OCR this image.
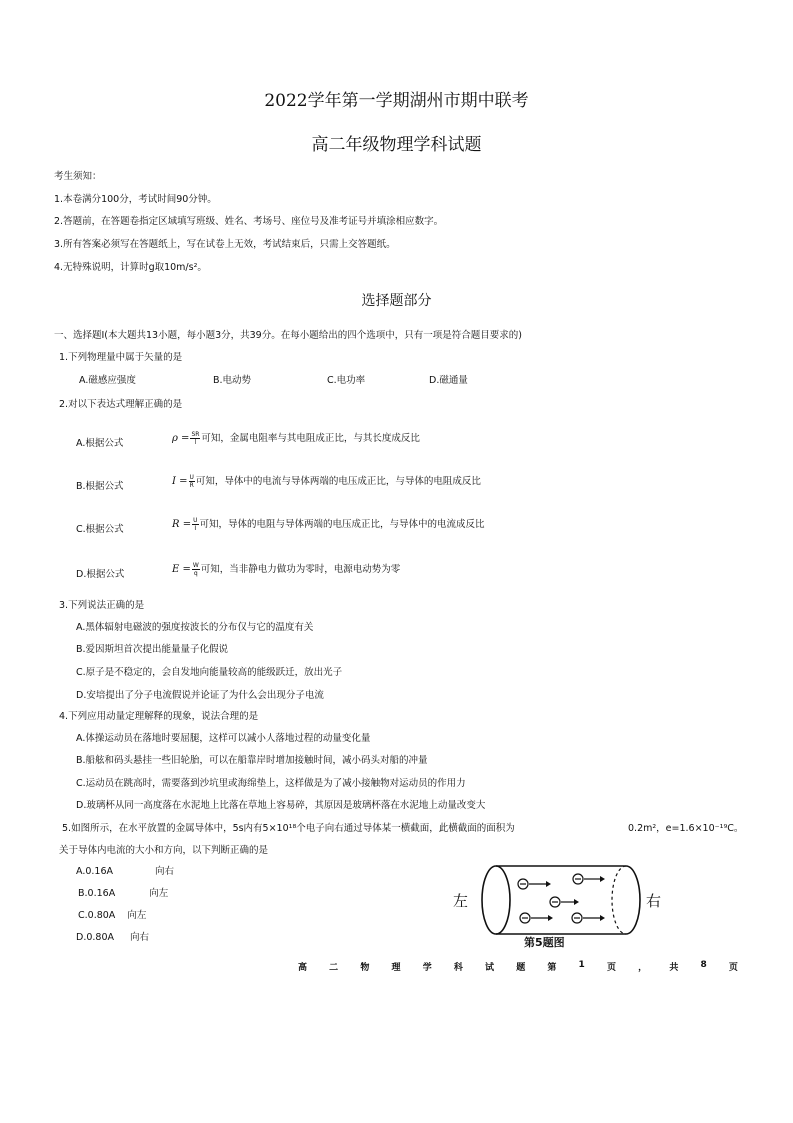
2022学年第一学期湖州市期中联考
高二年级物理学科试题
考生须知：
1.本卷满分100分，考试时间90分钟。
2.答题前，在答题卷指定区域填写班级、姓名、考场号、座位号及准考证号并填涂相应数字。
3.所有答案必须写在答题纸上，写在试卷上无效，考试结束后，只需上交答题纸。
4.无特殊说明，计算时g取10m/s²。
选择题部分
一、选择题Ⅰ(本大题共13小题，每小题3分，共39分。在每小题给出的四个选项中，只有一项是符合题目要求的)
1.下列物理量中属于矢量的是
A.磁感应强度	B.电动势	C.电功率	D.磁通量
2.对以下表达式理解正确的是
A.根据公式	$\rho = \frac{SR}{l}$ 可知，金属电阻率与其电阻成正比，与其长度成反比
B.根据公式	$I = \frac{U}{R}$ 可知，导体中的电流与导体两端的电压成正比，与导体的电阻成反比
C.根据公式	$R = \frac{U}{I}$ 可知，导体的电阻与导体两端的电压成正比，与导体中的电流成反比
D.根据公式	$E = \frac{W}{q}$ 可知，当非静电力做功为零时，电源电动势为零
3.下列说法正确的是
A.黑体辐射电磁波的强度按波长的分布仅与它的温度有关
B.爱因斯坦首次提出能量量子化假说
C.原子是不稳定的，会自发地向能量较高的能级跃迁，放出光子
D.安培提出了分子电流假说并论证了为什么会出现分子电流
4.下列应用动量定理解释的现象，说法合理的是
A.体操运动员在落地时要屈腿，这样可以减小人落地过程的动量变化量
B.船舷和码头悬挂一些旧轮胎，可以在船靠岸时增加接触时间，减小码头对船的冲量
C.运动员在跳高时，需要落到沙坑里或海绵垫上，这样做是为了减小接触物对运动员的作用力
D.玻璃杯从同一高度落在水泥地上比落在草地上容易碎，其原因是玻璃杯落在水泥地上动量改变大
5.如图所示，在水平放置的金属导体中，5s内有5×10¹⁸个电子向右通过导体某一横截面，此横截面的面积为	0.2m²，e=1.6×10⁻¹⁹C。
关于导体内电流的大小和方向，以下判断正确的是
A.0.16A	向右
B.0.16A	向左
C.0.80A 向左
D.0.80A 向右
左	右
第5题图
高 二 物 理 学 科 试 题 第 1 页 ， 共 8 页
